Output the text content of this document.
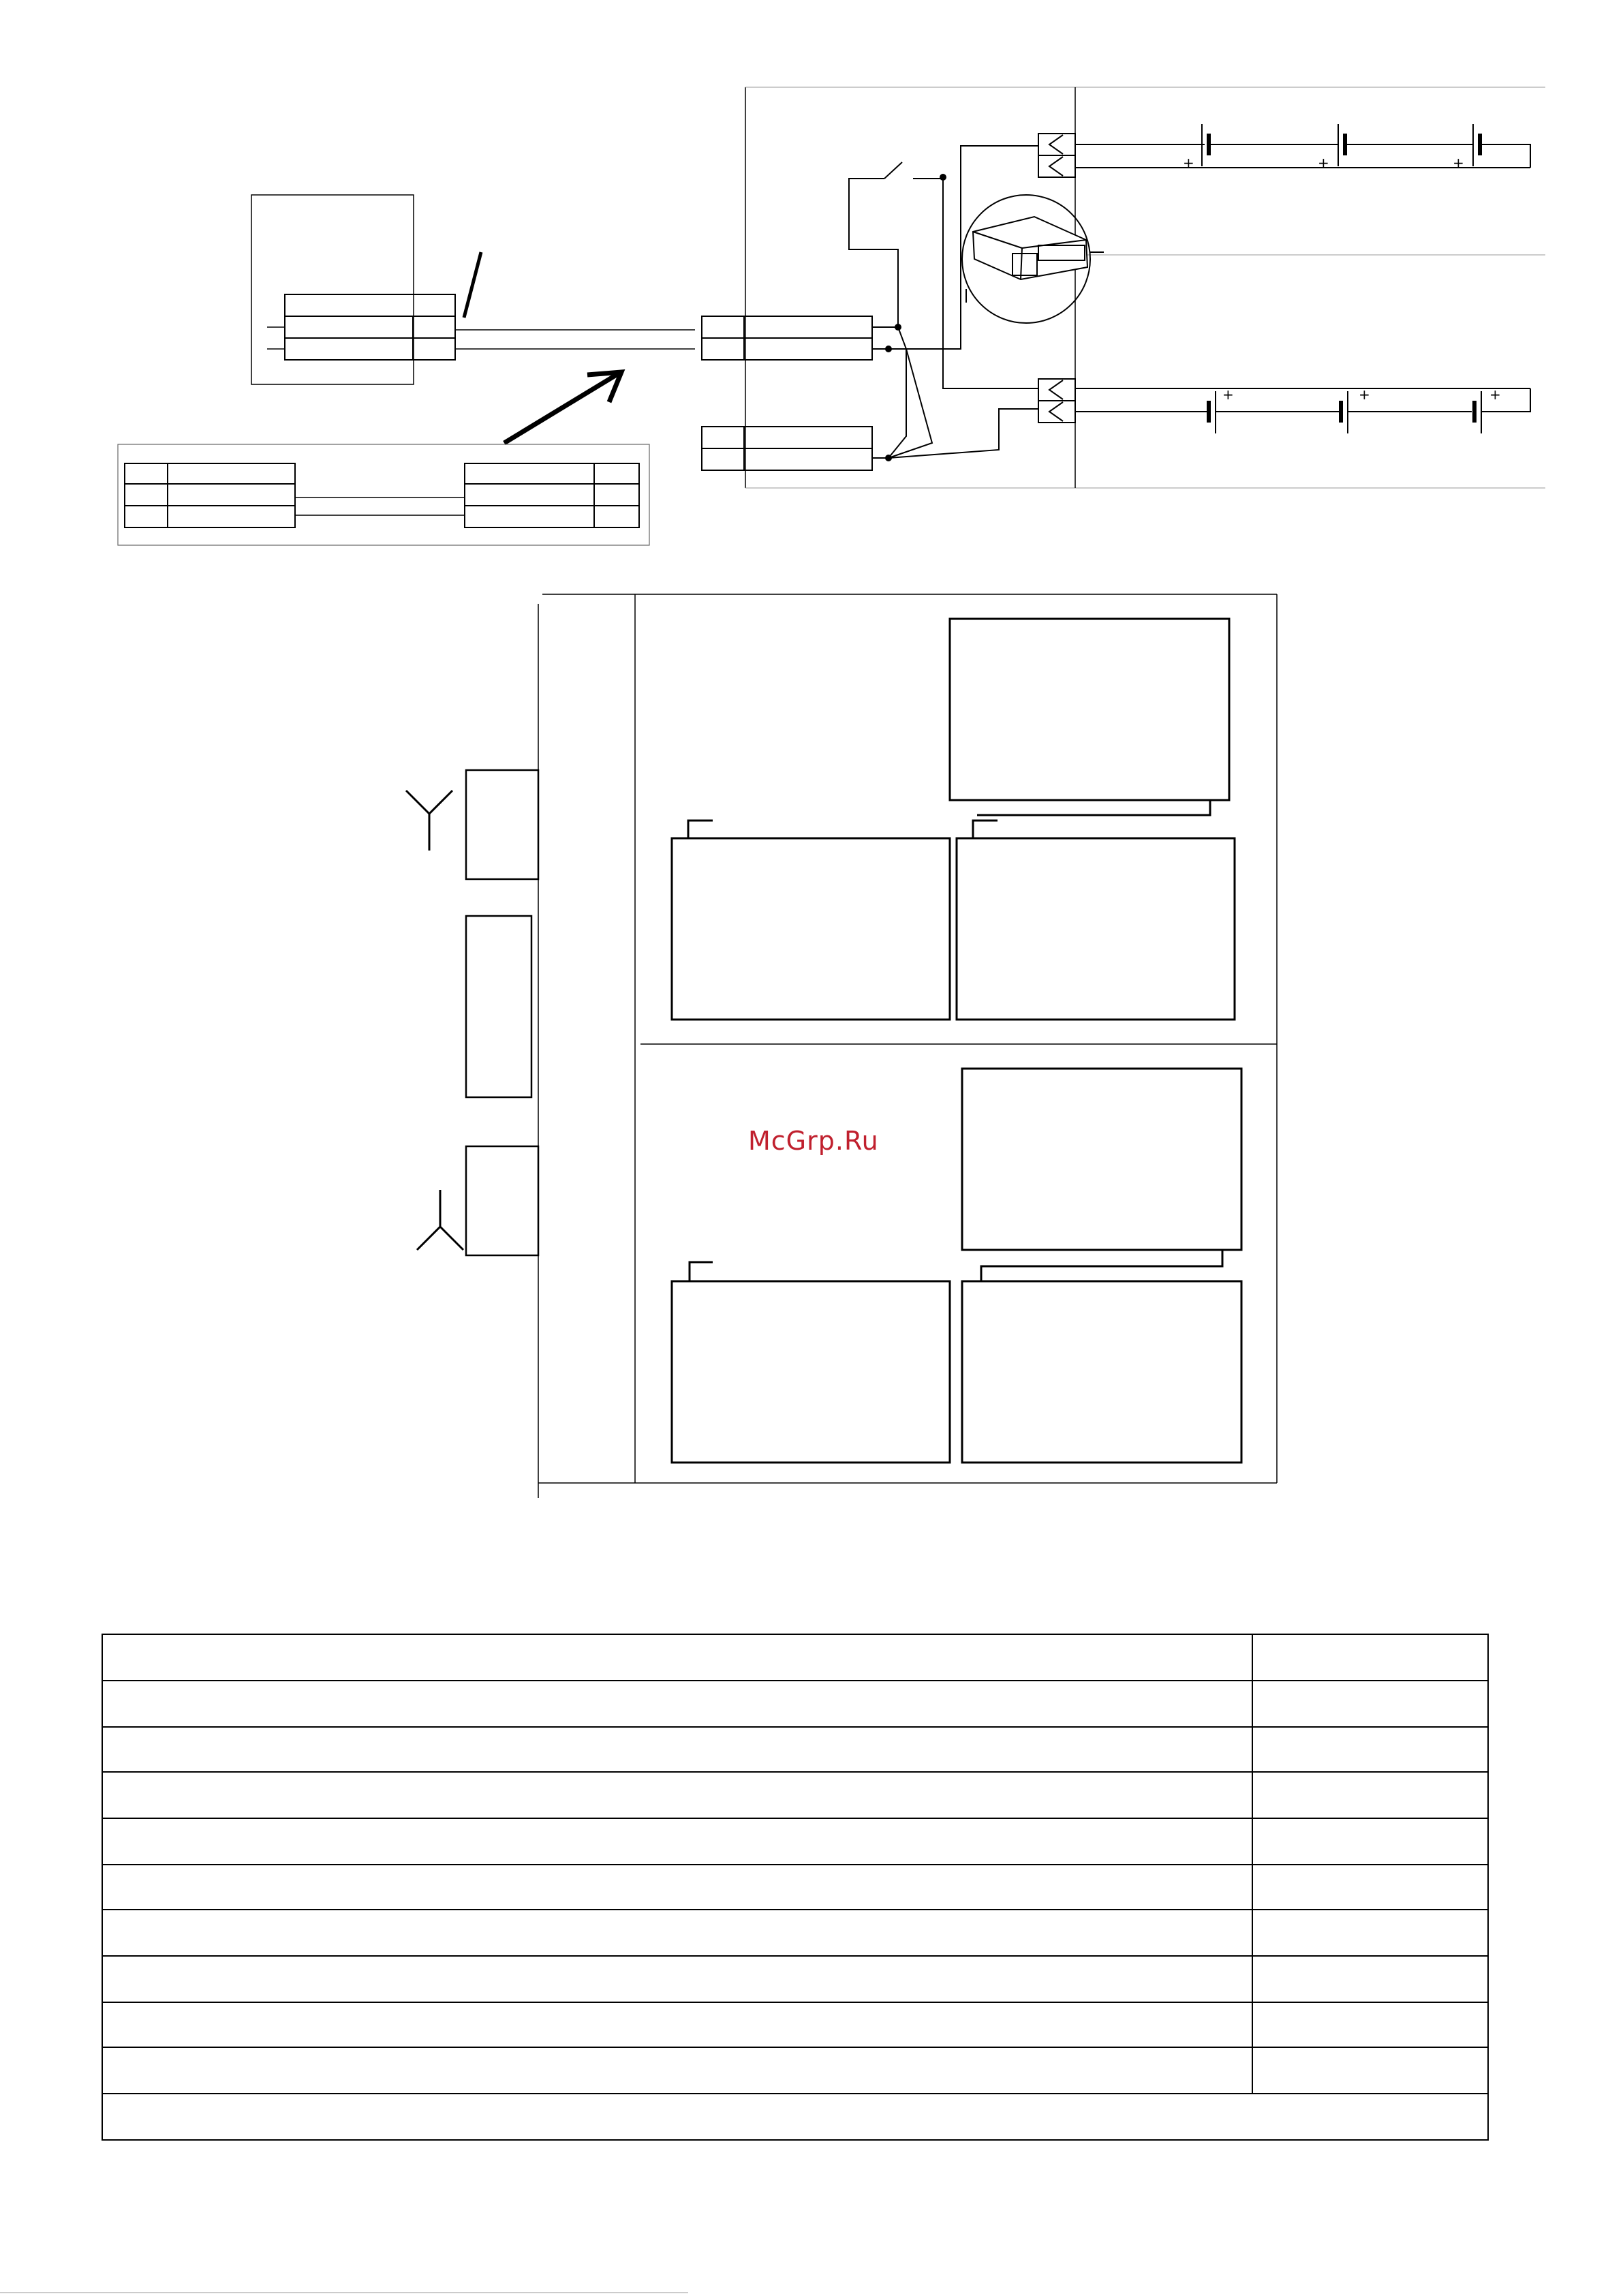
+	+	+
+	+	+
McGrp.Ru
